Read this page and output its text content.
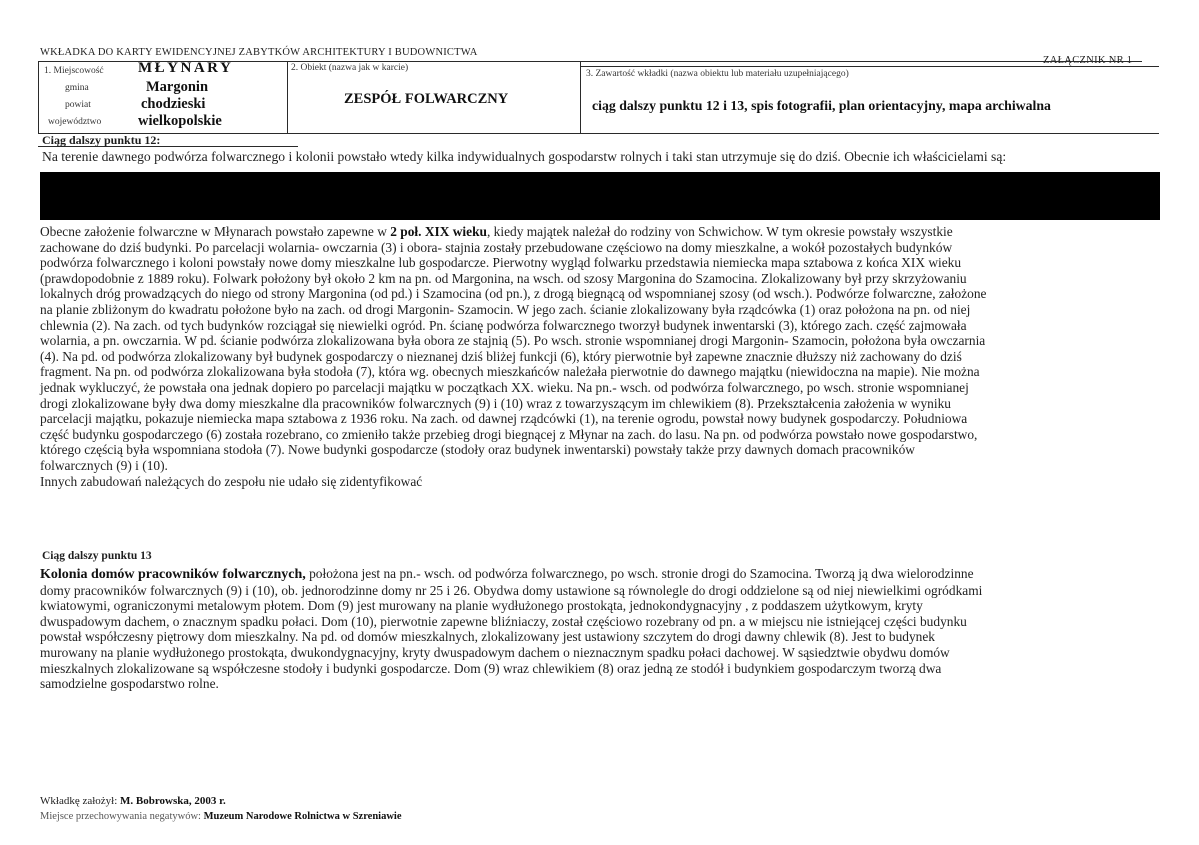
WKŁADKA DO KARTY EWIDENCYJNEJ ZABYTKÓW ARCHITEKTURY I BUDOWNICTWA
1. Miejscowość MŁYNARY
gmina	Margonin
powiat	chodzieski
województwo	wielkopolskie
2. Obiekt (nazwa jak w karcie)
ZESPÓŁ FOLWARCZNY
3. Zawartość wkładki (nazwa obiektu lub materiału uzupełniającego)
ciąg dalszy punktu 12 i 13, spis fotografii, plan orientacyjny, mapa archiwalna
Ciąg dalszy punktu 12:
Na terenie dawnego podwórza folwarcznego i kolonii powstało wtedy kilka indywidualnych gospodarstw rolnych i taki stan utrzymuje się do dziś. Obecnie ich właścicielami są:

Obecne założenie folwarczne w Młynarach powstało zapewne w 2 poł. XIX wieku, kiedy majątek należał do rodziny von Schwichow. W tym okresie powstały wszystkie

zachowane do dziś budynki. Po parcelacji wolarnia- owczarnia (3) i obora- stajnia zostały przebudowane częściowo na domy mieszkalne, a wokół pozostałych budynków

podwórza folwarcznego i koloni powstały nowe domy mieszkalne lub gospodarcze. Pierwotny wygląd folwarku przedstawia niemiecka mapa sztabowa z końca XIX wieku

(prawdopodobnie z 1889 roku). Folwark położony był około 2 km na pn. od Margonina, na wsch. od szosy Margonina do Szamocina. Zlokalizowany był przy skrzyżowaniu

lokalnych dróg prowadzących do niego od strony Margonina (od pd.) i Szamocina (od pn.), z drogą biegnącą od wspomnianej szosy (od wsch.). Podwórze folwarczne, założone

na planie zbliżonym do kwadratu położone było na zach. od drogi Margonin- Szamocin. W jego zach. ścianie zlokalizowany była rządcówka (1) oraz położona na pn. od niej

chlewnia (2). Na zach. od tych budynków rozciągał się niewielki ogród. Pn. ścianę podwórza folwarcznego tworzył budynek inwentarski (3), którego zach. część zajmowała

wolarnia, a pn. owczarnia. W pd. ścianie podwórza zlokalizowana była obora ze stajnią (5). Po wsch. stronie wspomnianej drogi Margonin- Szamocin, położona była owczarnia

(4). Na pd. od podwórza zlokalizowany był budynek gospodarczy o nieznanej dziś bliżej funkcji (6), który pierwotnie był zapewne znacznie dłuższy niż zachowany do dziś

fragment. Na pn. od podwórza zlokalizowana była stodoła (7), która wg. obecnych mieszkańców należała pierwotnie do dawnego majątku (niewidoczna na mapie). Nie można

jednak wykluczyć, że powstała ona jednak dopiero po parcelacji majątku w początkach XX. wieku. Na pn.- wsch. od podwórza folwarcznego, po wsch. stronie wspomnianej

drogi zlokalizowane były dwa domy mieszkalne dla pracowników folwarcznych (9) i (10) wraz z towarzyszącym im chlewikiem (8). Przekształcenia założenia w wyniku

parcelacji majątku, pokazuje niemiecka mapa sztabowa z 1936 roku. Na zach. od dawnej rządcówki (1), na terenie ogrodu, powstał nowy budynek gospodarczy. Południowa

część budynku gospodarczego (6) została rozebrano, co zmieniło także przebieg drogi biegnącej z Młynar na zach. do lasu. Na pn. od podwórza powstało nowe gospodarstwo,

którego częścią była wspomniana stodoła (7). Nowe budynki gospodarcze (stodoły oraz budynek inwentarski) powstały także przy dawnych domach pracowników

folwarcznych (9) i (10).

Innych zabudowań należących do zespołu nie udało się zidentyfikować

Ciąg dalszy punktu 13

Kolonia domów pracowników folwarcznych, położona jest na pn.- wsch. od podwórza folwarcznego, po wsch. stronie drogi do Szamocina. Tworzą ją dwa wielorodzinne

domy pracowników folwarcznych (9) i (10), ob. jednorodzinne domy nr 25 i 26. Obydwa domy ustawione są równolegle do drogi oddzielone są od niej niewielkimi ogródkami

kwiatowymi, ograniczonymi metalowym płotem. Dom (9) jest murowany na planie wydłużonego prostokąta, jednokondygnacyjny , z poddaszem użytkowym, kryty

dwuspadowym dachem, o znacznym spadku połaci. Dom (10), pierwotnie zapewne bliźniaczy, został częściowo rozebrany od pn. a w miejscu nie istniejącej części budynku

powstał współczesny piętrowy dom mieszkalny. Na pd. od domów mieszkalnych, zlokalizowany jest ustawiony szczytem do drogi dawny chlewik (8). Jest to budynek

murowany na planie wydłużonego prostokąta, dwukondygnacyjny, kryty dwuspadowym dachem o nieznacznym spadku połaci dachowej. W sąsiedztwie obydwu domów

mieszkalnych zlokalizowane są współczesne stodoły i budynki gospodarcze. Dom (9) wraz chlewikiem (8) oraz jedną ze stodół i budynkiem gospodarczym tworzą dwa

samodzielne gospodarstwo rolne.

Wkładkę założył: M. Bobrowska, 2003 r.
Miejsce przechowywania negatywów: Muzeum Narodowe Rolnictwa w Szreniawie
